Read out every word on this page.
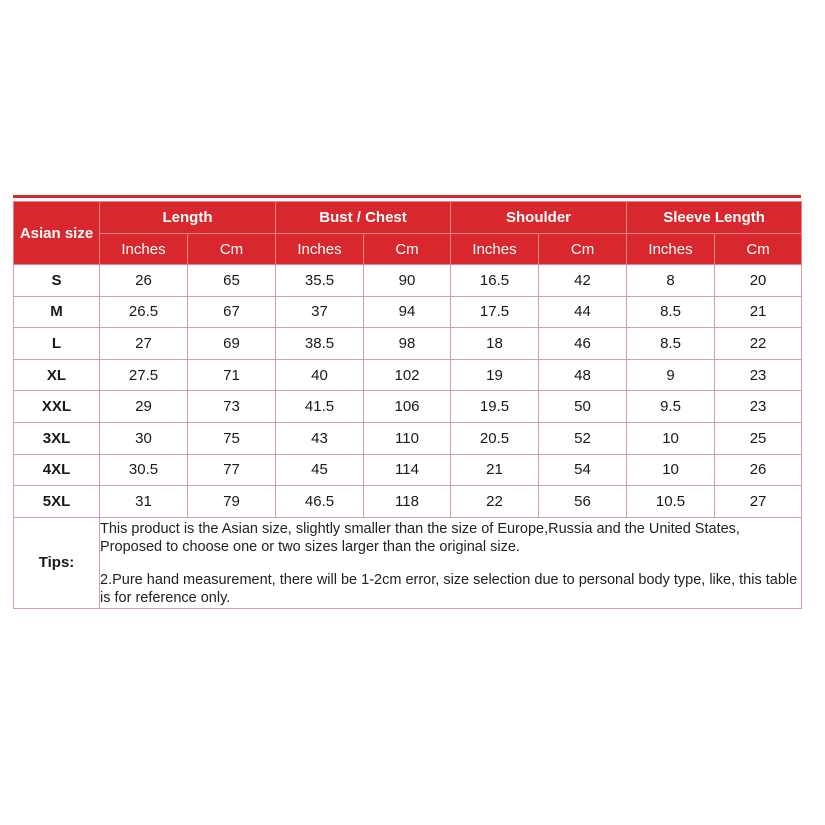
Asian size	Length		Bust / Chest		Shoulder		Sleeve Length	
	Inches	Cm	Inches	Cm	Inches	Cm	Inches	Cm
S	26	65	35.5	90	16.5	42	8	20
M	26.5	67	37	94	17.5	44	8.5	21
L	27	69	38.5	98	18	46	8.5	22
XL	27.5	71	40	102	19	48	9	23
XXL	29	73	41.5	106	19.5	50	9.5	23
3XL	30	75	43	110	20.5	52	10	25
4XL	30.5	77	45	114	21	54	10	26
5XL	31	79	46.5	118	22	56	10.5	27
Tips:	This product is the Asian size, slightly smaller than the size of Europe,Russia and the United States, Proposed to choose one or two sizes larger than the original size.

2.Pure hand measurement, there will be 1-2cm error, size selection due to personal body type, like, this table is for reference only.							
